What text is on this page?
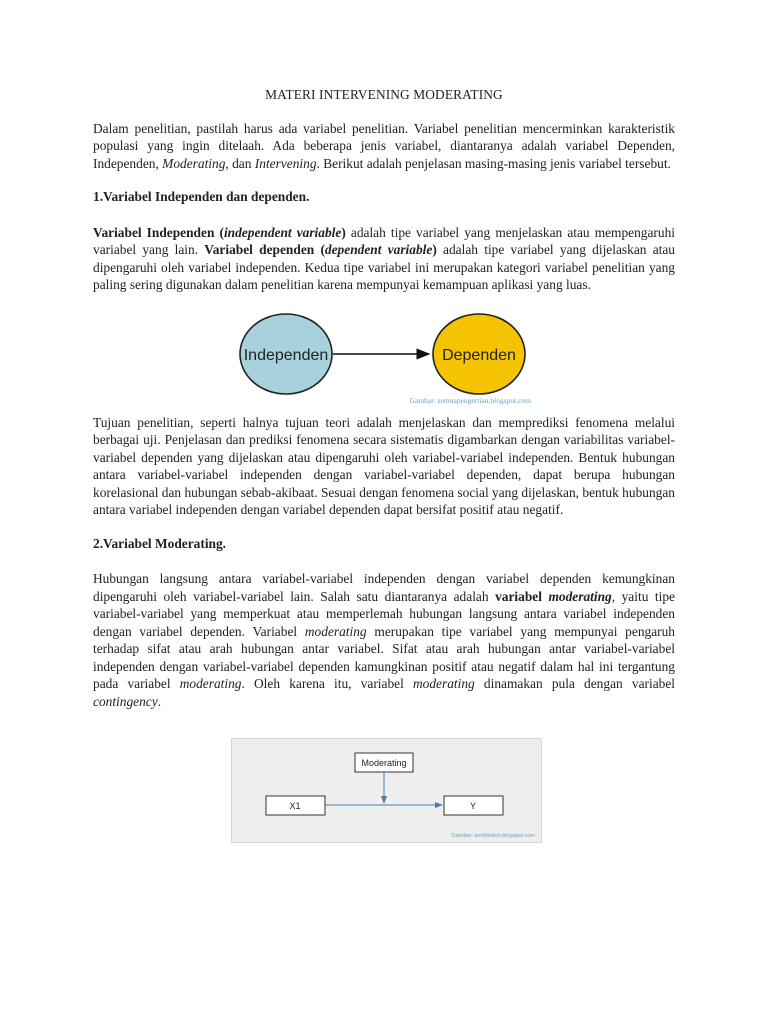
MATERI INTERVENING MODERATING

Dalam penelitian, pastilah harus ada variabel penelitian. Variabel penelitian mencerminkan karakteristik populasi yang ingin ditelaah. Ada beberapa jenis variabel, diantaranya adalah variabel Dependen, Independen, Moderating, dan Intervening. Berikut adalah penjelasan masing-masing jenis variabel tersebut.

1.Variabel Independen dan dependen.

Variabel Independen (independent variable) adalah tipe variabel yang menjelaskan atau mempengaruhi variabel yang lain. Variabel dependen (dependent variable) adalah tipe variabel yang dijelaskan atau dipengaruhi oleh variabel independen. Kedua tipe variabel ini merupakan kategori variabel penelitian yang paling sering digunakan dalam penelitian karena mempunyai kemampuan aplikasi yang luas.

Independen	Dependen
Gambar: semuapengertian.blogspot.com

Tujuan penelitian, seperti halnya tujuan teori adalah menjelaskan dan memprediksi fenomena melalui berbagai uji. Penjelasan dan prediksi fenomena secara sistematis digambarkan dengan variabilitas variabel-variabel dependen yang dijelaskan atau dipengaruhi oleh variabel-variabel independen. Bentuk hubungan antara variabel-variabel independen dengan variabel-variabel dependen, dapat berupa hubungan korelasional dan hubungan sebab-akibaat. Sesuai dengan fenomena social yang dijelaskan, bentuk hubungan antara variabel independen dengan variabel dependen dapat bersifat positif atau negatif.

2.Variabel Moderating.

Hubungan langsung antara variabel-variabel independen dengan variabel dependen kemungkinan dipengaruhi oleh variabel-variabel lain. Salah satu diantaranya adalah variabel moderating, yaitu tipe variabel-variabel yang memperkuat atau memperlemah hubungan langsung antara variabel independen dengan variabel dependen. Variabel moderating merupakan tipe variabel yang mempunyai pengaruh terhadap sifat atau arah hubungan antar variabel. Sifat atau arah hubungan antar variabel-variabel independen dengan variabel-variabel dependen kamungkinan positif atau negatif dalam hal ini tergantung pada variabel moderating. Oleh karena itu, variabel moderating dinamakan pula dengan variabel contingency.

Moderating
X1	Y
Gambar: kerildedish.blogspot.com
